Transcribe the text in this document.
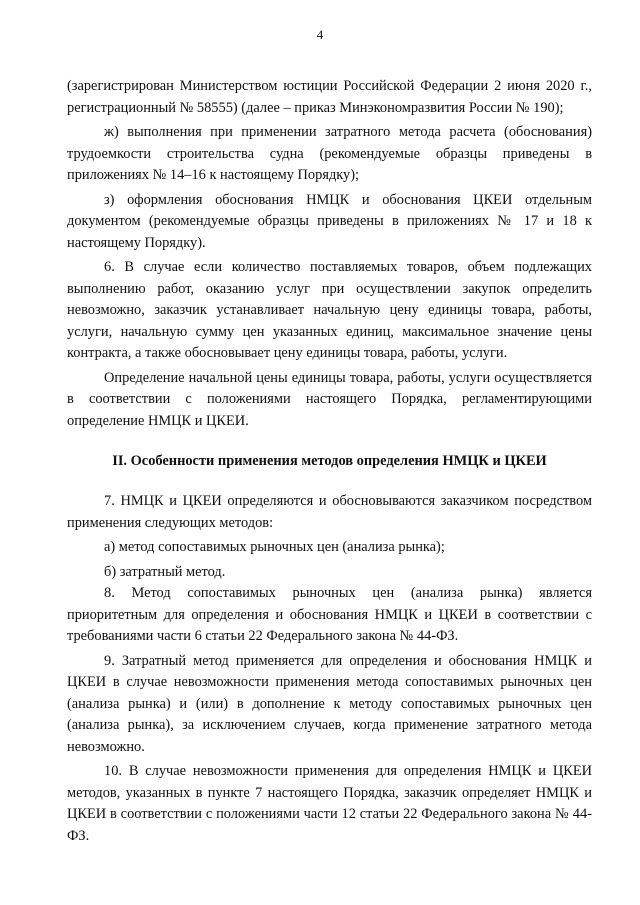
4

(зарегистрирован Министерством юстиции Российской Федерации 2 июня 2020 г., регистрационный № 58555) (далее – приказ Минэкономразвития России № 190);

ж) выполнения при применении затратного метода расчета (обоснования) трудоемкости строительства судна (рекомендуемые образцы приведены в приложениях № 14–16 к настоящему Порядку);

з) оформления обоснования НМЦК и обоснования ЦКЕИ отдельным документом (рекомендуемые образцы приведены в приложениях № 17 и 18 к настоящему Порядку).

6. В случае если количество поставляемых товаров, объем подлежащих выполнению работ, оказанию услуг при осуществлении закупок определить невозможно, заказчик устанавливает начальную цену единицы товара, работы, услуги, начальную сумму цен указанных единиц, максимальное значение цены контракта, а также обосновывает цену единицы товара, работы, услуги.

Определение начальной цены единицы товара, работы, услуги осуществляется в соответствии с положениями настоящего Порядка, регламентирующими определение НМЦК и ЦКЕИ.

II. Особенности применения методов определения НМЦК и ЦКЕИ

7. НМЦК и ЦКЕИ определяются и обосновываются заказчиком посредством применения следующих методов:

а) метод сопоставимых рыночных цен (анализа рынка);

б) затратный метод.

8. Метод сопоставимых рыночных цен (анализа рынка) является приоритетным для определения и обоснования НМЦК и ЦКЕИ в соответствии с требованиями части 6 статьи 22 Федерального закона № 44-ФЗ.

9. Затратный метод применяется для определения и обоснования НМЦК и ЦКЕИ в случае невозможности применения метода сопоставимых рыночных цен (анализа рынка) и (или) в дополнение к методу сопоставимых рыночных цен (анализа рынка), за исключением случаев, когда применение затратного метода невозможно.

10. В случае невозможности применения для определения НМЦК и ЦКЕИ методов, указанных в пункте 7 настоящего Порядка, заказчик определяет НМЦК и ЦКЕИ в соответствии с положениями части 12 статьи 22 Федерального закона № 44-ФЗ.
